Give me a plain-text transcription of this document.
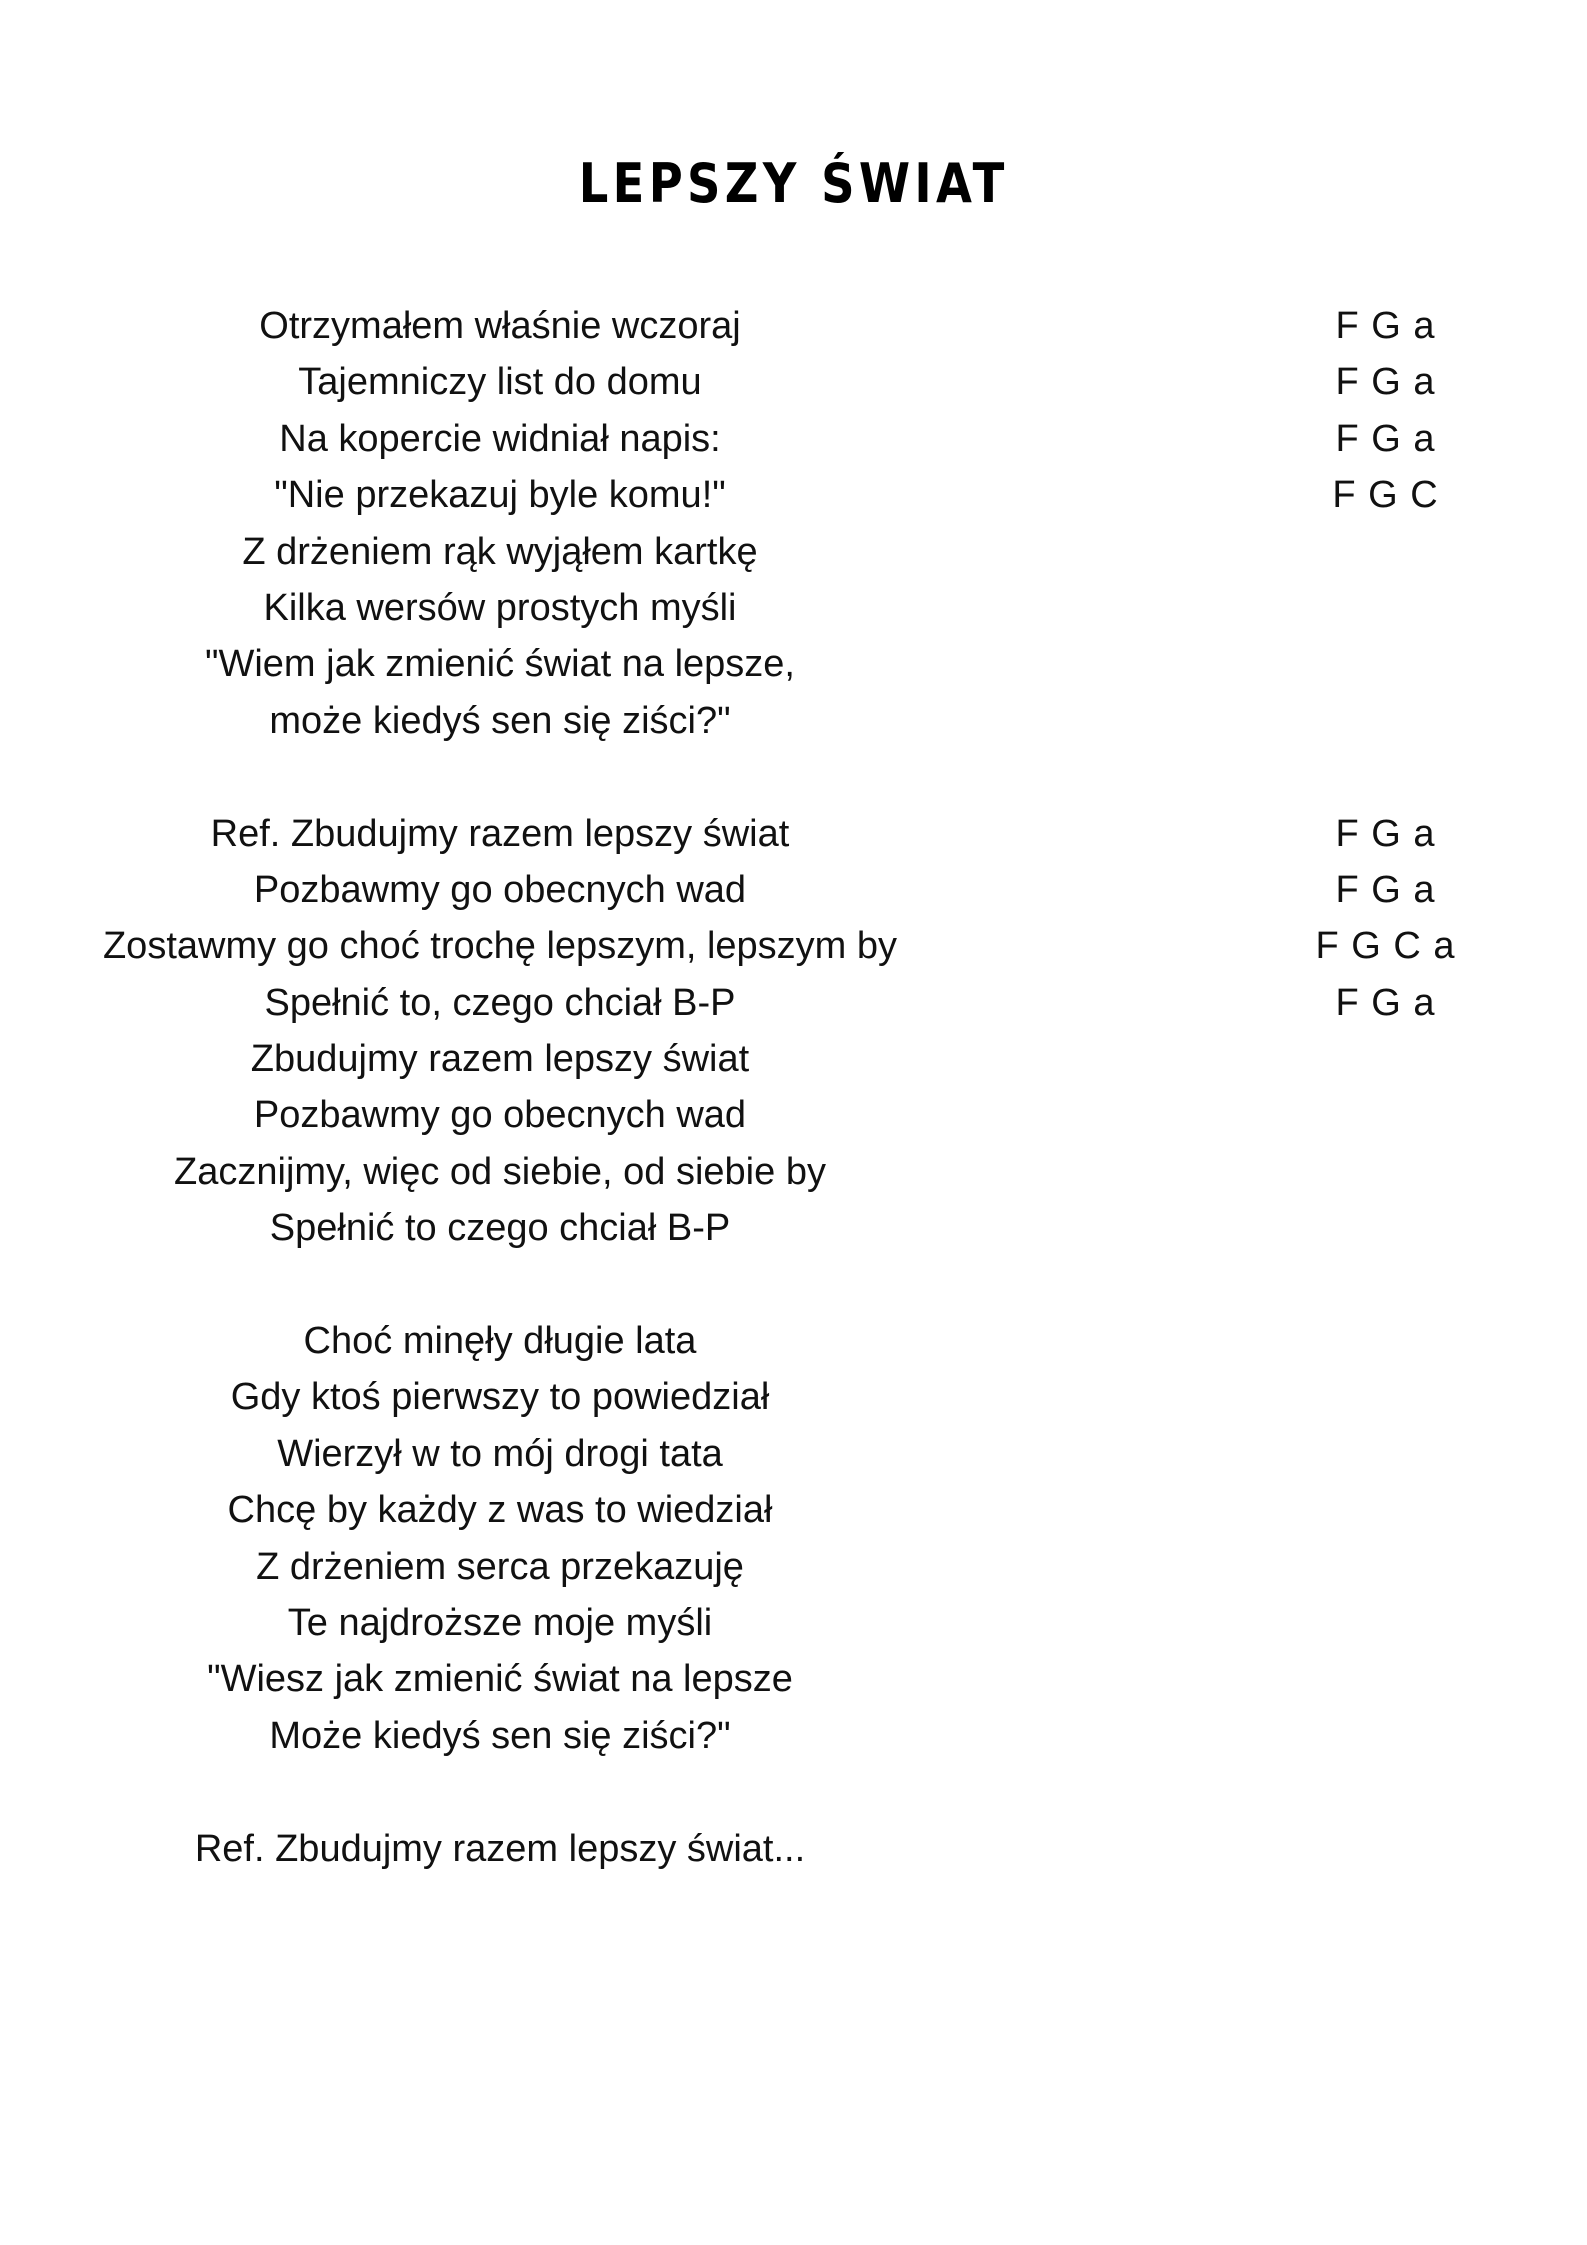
LEPSZY ŚWIAT
Otrzymałem właśnie wczoraj
Tajemniczy list do domu
Na kopercie widniał napis:
"Nie przekazuj byle komu!"
Z drżeniem rąk wyjąłem kartkę
Kilka wersów prostych myśli
"Wiem jak zmienić świat na lepsze,
może kiedyś sen się ziści?"
Ref. Zbudujmy razem lepszy świat
Pozbawmy go obecnych wad
Zostawmy go choć trochę lepszym, lepszym by
Spełnić to, czego chciał B-P
Zbudujmy razem lepszy świat
Pozbawmy go obecnych wad
Zacznijmy, więc od siebie, od siebie by
Spełnić to czego chciał B-P
Choć minęły długie lata
Gdy ktoś pierwszy to powiedział
Wierzył w to mój drogi tata
Chcę by każdy z was to wiedział
Z drżeniem serca przekazuję
Te najdroższe moje myśli
"Wiesz jak zmienić świat na lepsze
Może kiedyś sen się ziści?"
Ref. Zbudujmy razem lepszy świat...
F G a
F G a
F G a
F G C
F G a
F G a
F G C a
F G a
